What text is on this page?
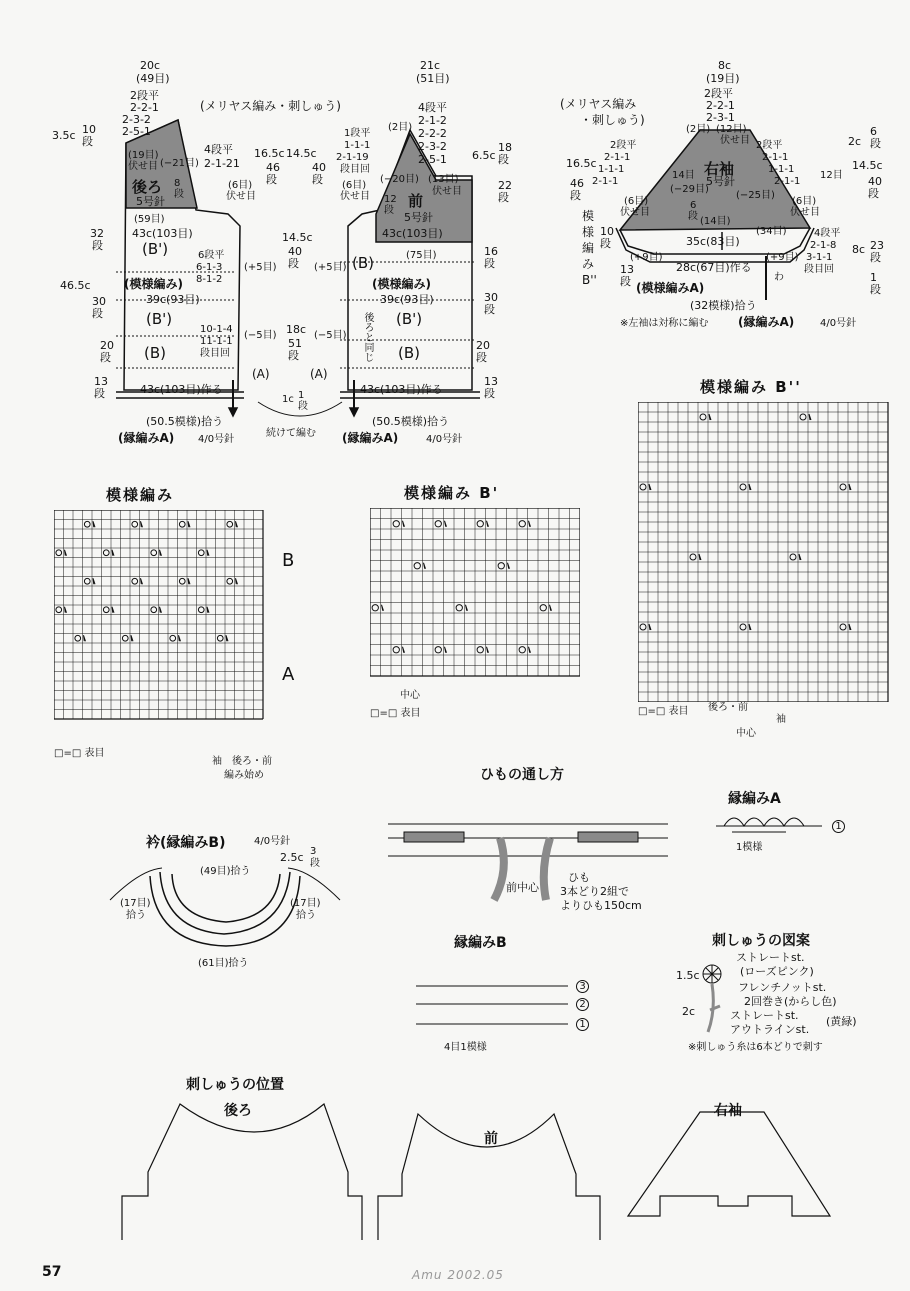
20c
(49目)
2段平
2-2-1
2-3-2
2-5-1
3.5c 10
段
(メリヤス編み・刺しゅう)
(19目)
伏せ目 (−21目)
4段平
2-1-21
後ろ 8
段
5号針
(6目)
伏せ目
(59目)
43c(103目)
32
段	(B')	6段平
6-1-3
8-1-2
(+5目)
(模様編み)
46.5c
39c(93目)
30
段	(B')
10-1-4
11-1-1
段目回
(−5目)
20
段 (B)
13
段	43c(103目)作る
(A)
(50.5模様)拾う
(縁編みA) 4/0号針
16.5c
46
段
14.5c
40
段
21c
(51目)
4段平
2-1-2
2-2-2
2-3-2
2-5-1
(2目)
1段平
1-1-1
2-1-19
段目回
6.5c
18
段
(−20目) (13目)
伏せ目
(6目)
伏せ目
22
段
前
12
段
5号針
43c(103目)
14.5c
40
段
(+5目) (B)	(75目)	16
段
(模様編み)
39c(93目)	30
段
(B')
後ろと同じ
(−5目)
18c
51
段	(B)	20
段
(A)
43c(103目)作る
13
段
1c 1
段
(50.5模様)拾う
続けて編む (縁編みA)	4/0号針
8c
(19目)
(メリヤス編み
・刺しゅう)
2段平
2-2-1
2-3-1
(2目) (12目)
伏せ目
2段平
2-1-1
1-1-1
2-1-1
14目
2段平
2-1-1
1-1-1
2-1-1
12目
右袖
5号針
(−29目)
(−25目)
16.5c
46
段
2c
6
段
14.5c
40
段
(6目)
伏せ目
6
段 (14目)
(6目)
伏せ目
(34目)
10
段	35c(83目)
4段平
2-1-8
3-1-1
段目回
8c 23
段
1
段
模
様
編
み
B''
(+9目)	(+9目)
28c(67目)作る
13
段	わ
(模様編みA)
(32模様)拾う
※左袖は対称に編む (縁編みA)	4/0号針
模様編み
B
A
□=□ 表目
袖 後ろ・前
編み始め
模様編み B'
中心
□=□ 表目
模様編み B''
□=□ 表目 後ろ・前
袖
中心
衿(縁編みB)	4/0号針
2.5c 3
段
(49目)拾う
(17目)
拾う
(17目)
拾う
(61目)拾う
ひもの通し方
前中心
ひも
3本どり2組で
よりひも150cm
縁編みA
1模様
1
縁編みB
4目1模様
3
2
1
刺しゅうの図案
ストレートst.
(ローズピンク)
フレンチノットst.
2回巻き(からし色)
ストレートst.
アウトラインst.
(黄緑)
1.5c
2c
※刺しゅう糸は6本どりで刺す
刺しゅうの位置
後ろ
前
右袖
57	Amu 2002.05
